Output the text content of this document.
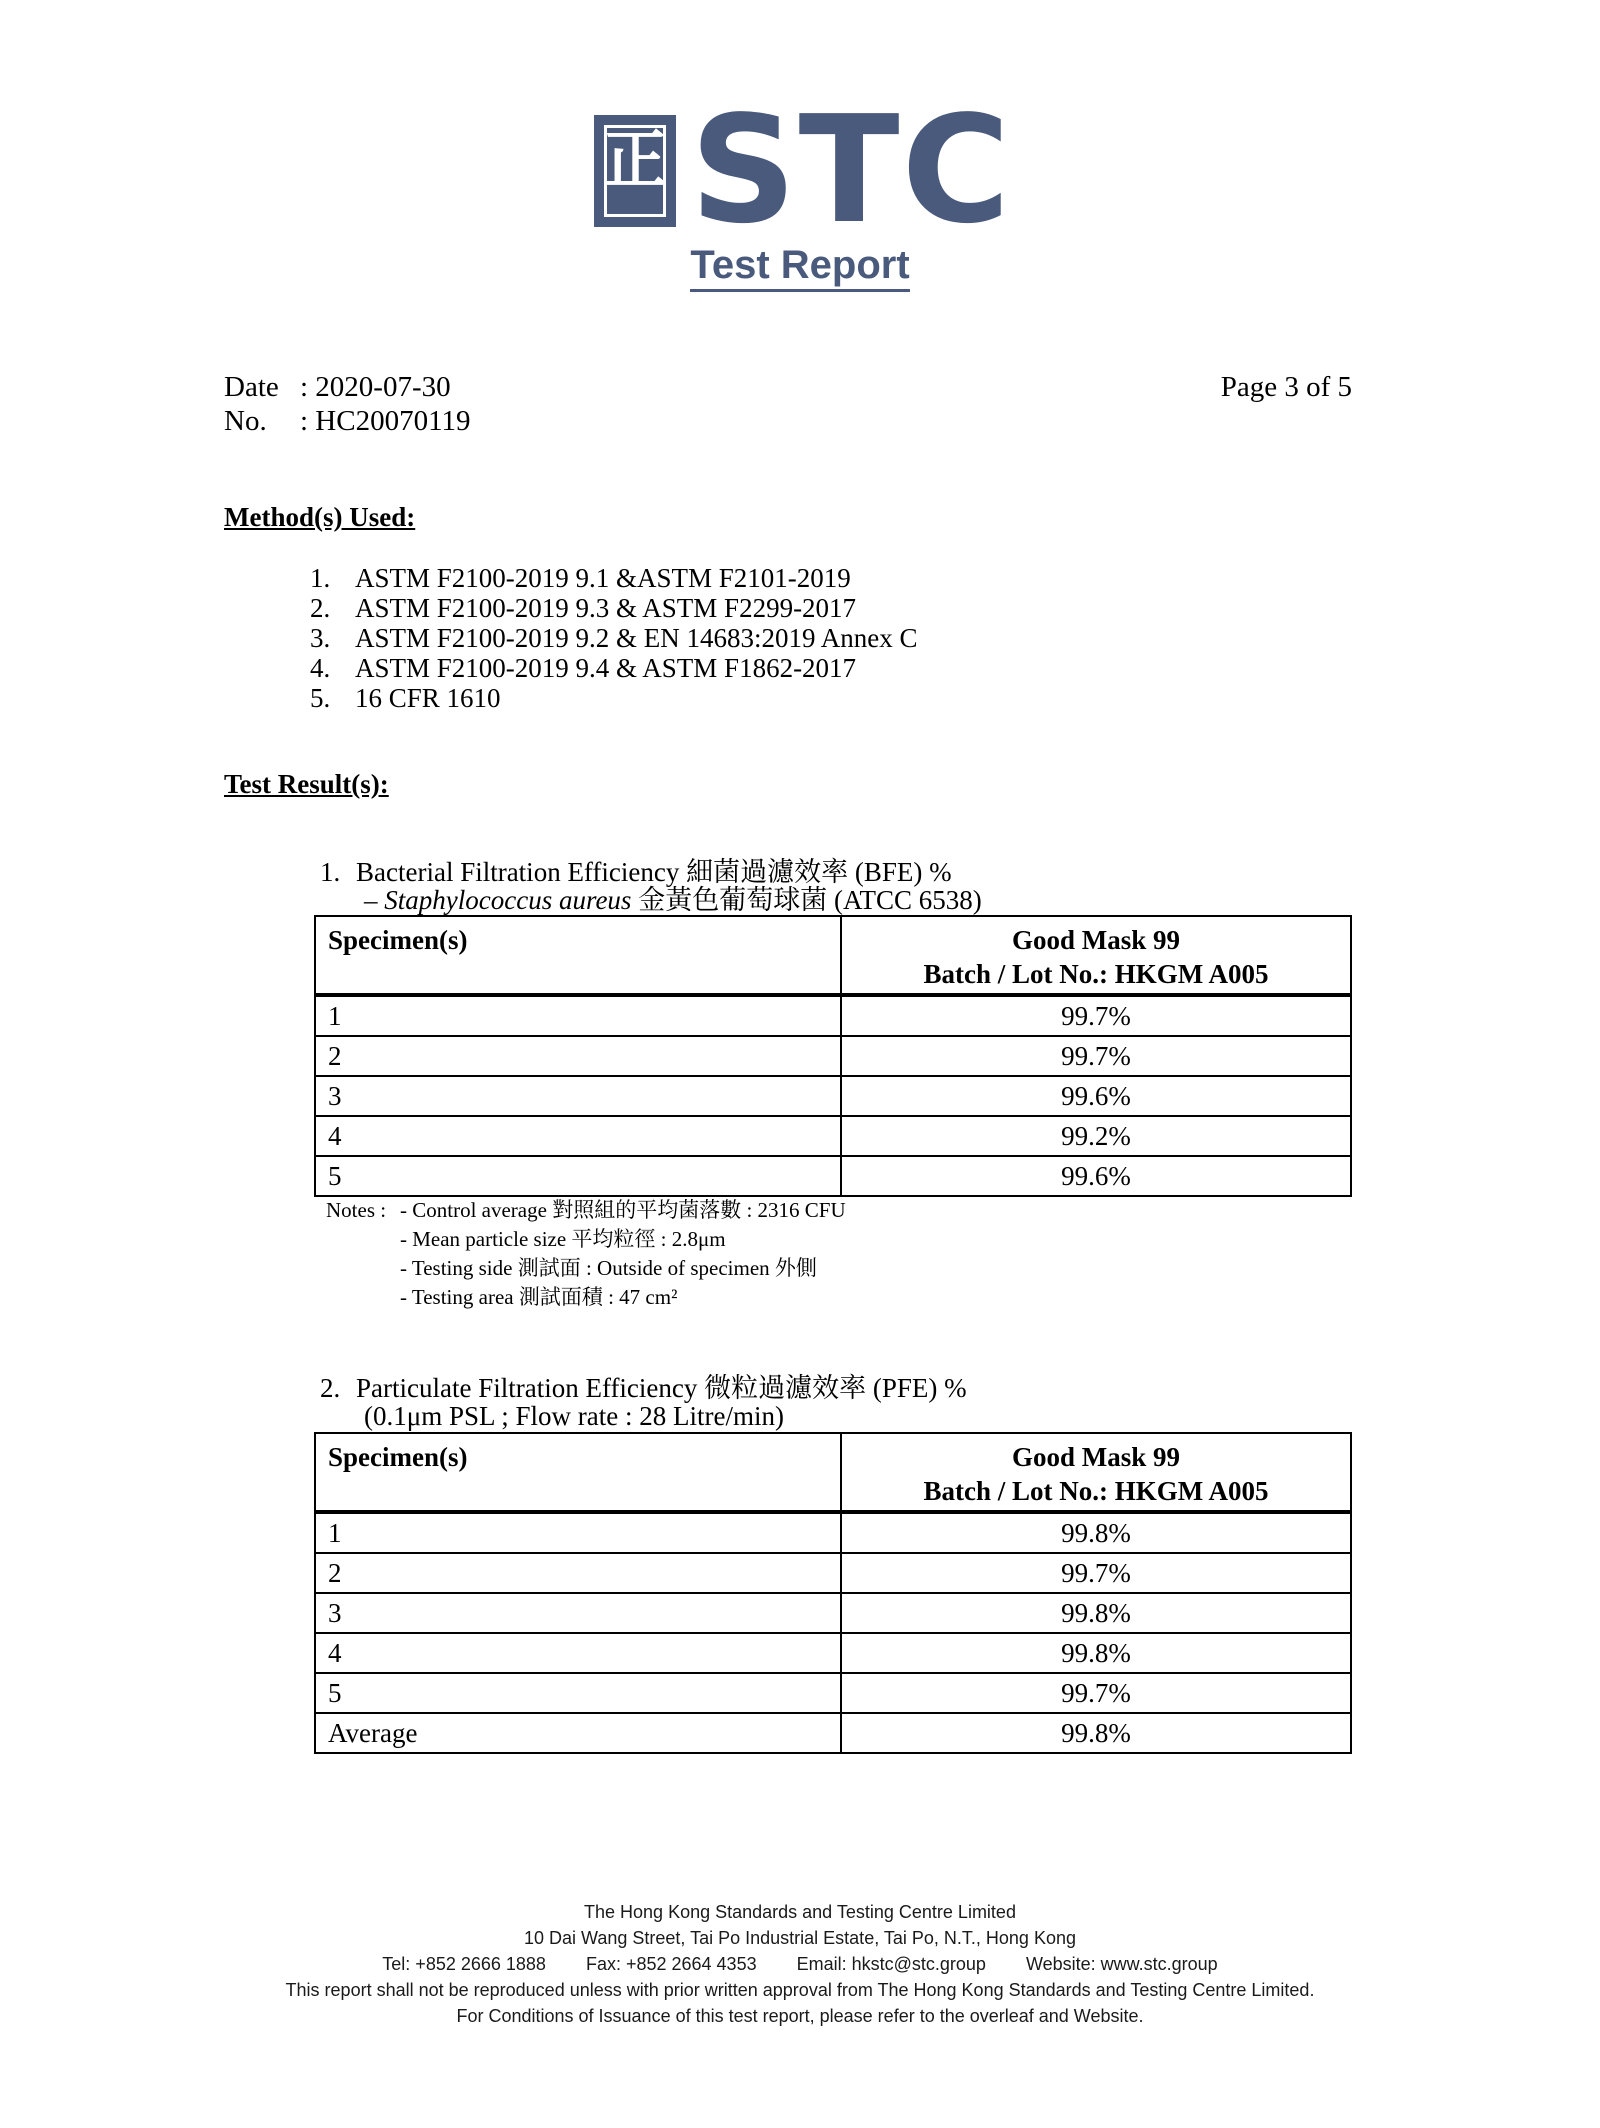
正 STC
Test Report
Date : 2020-07-30
No. : HC20070119
Page 3 of 5
Method(s) Used:
1. ASTM F2100-2019 9.1 &ASTM F2101-2019
2. ASTM F2100-2019 9.3 & ASTM F2299-2017
3. ASTM F2100-2019 9.2 & EN 14683:2019 Annex C
4. ASTM F2100-2019 9.4 & ASTM F1862-2017
5. 16 CFR 1610
Test Result(s):
1. Bacterial Filtration Efficiency 細菌過濾效率 (BFE) %
– Staphylococcus aureus 金黃色葡萄球菌 (ATCC 6538)
Specimen(s)	Good Mask 99
Batch / Lot No.: HKGM A005

1	99.7%
2	99.7%
3	99.6%
4	99.2%
5	99.6%
Notes : - Control average 對照組的平均菌落數 : 2316 CFU
- Mean particle size 平均粒徑 : 2.8μm
- Testing side 測試面 : Outside of specimen 外側
- Testing area 測試面積 : 47 cm²
2. Particulate Filtration Efficiency 微粒過濾效率 (PFE) %
(0.1μm PSL ; Flow rate : 28 Litre/min)
Specimen(s)	Good Mask 99
Batch / Lot No.: HKGM A005

1	99.8%
2	99.7%
3	99.8%
4	99.8%
5	99.7%
Average	99.8%
The Hong Kong Standards and Testing Centre Limited
10 Dai Wang Street, Tai Po Industrial Estate, Tai Po, N.T., Hong Kong
Tel: +852 2666 1888 Fax: +852 2664 4353 Email: hkstc@stc.group Website: www.stc.group
This report shall not be reproduced unless with prior written approval from The Hong Kong Standards and Testing Centre Limited.
For Conditions of Issuance of this test report, please refer to the overleaf and Website.
